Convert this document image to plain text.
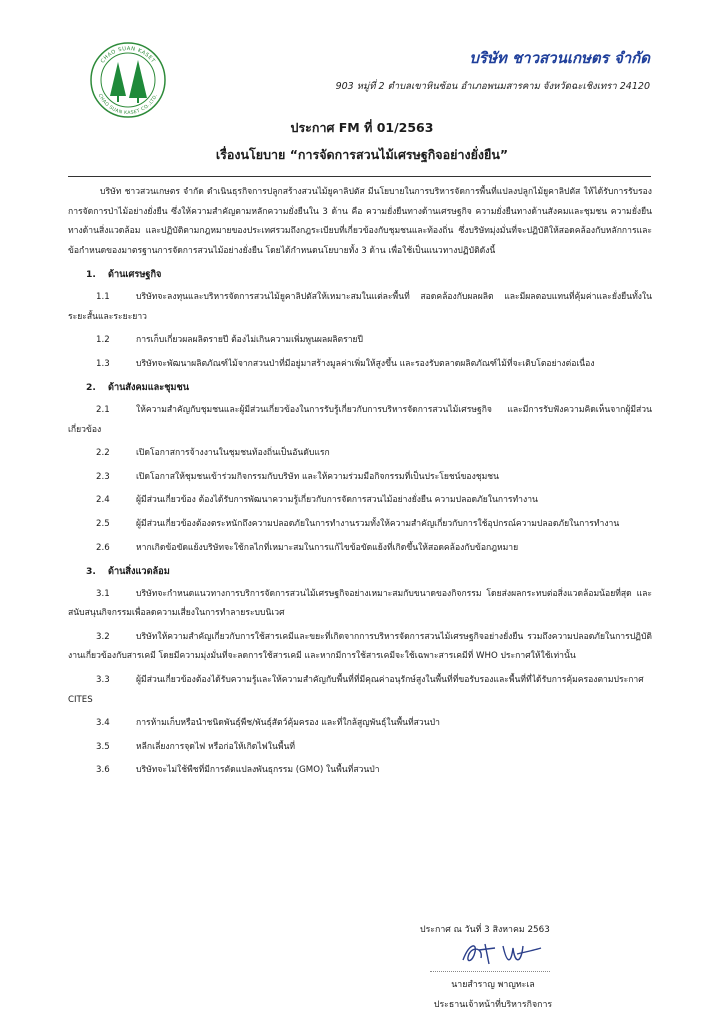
CHAO SUAN KASET
CHAO SUAN KASET CO.,LTD.
บริษัท ชาวสวนเกษตร จำกัด
903 หมู่ที่ 2 ตำบลเขาหินซ้อน อำเภอพนมสารคาม จังหวัดฉะเชิงเทรา 24120
ประกาศ FM ที่ 01/2563
เรื่องนโยบาย “การจัดการสวนไม้เศรษฐกิจอย่างยั่งยืน”

บริษัท ชาวสวนเกษตร จำกัด ดำเนินธุรกิจการปลูกสร้างสวนไม้ยูคาลิปตัส มีนโยบายในการบริหารจัดการพื้นที่แปลงปลูกไม้ยูคาลิปตัส ให้ได้รับการรับรองการจัดการป่าไม้อย่างยั่งยืน ซึ่งให้ความสำคัญตามหลักความยั่งยืนใน 3 ด้าน คือ ความยั่งยืนทางด้านเศรษฐกิจ ความยั่งยืนทางด้านสังคมและชุมชน ความยั่งยืนทางด้านสิ่งแวดล้อม และปฏิบัติตามกฎหมายของประเทศรวมถึงกฎระเบียบที่เกี่ยวข้องกับชุมชนและท้องถิ่น ซึ่งบริษัทมุ่งมั่นที่จะปฏิบัติให้สอดคล้องกับหลักการและข้อกำหนดของมาตรฐานการจัดการสวนไม้อย่างยั่งยืน โดยได้กำหนดนโยบายทั้ง 3 ด้าน เพื่อใช้เป็นแนวทางปฏิบัติดังนี้

1. ด้านเศรษฐกิจ
1.1	บริษัทจะลงทุนและบริหารจัดการสวนไม้ยูคาลิปตัสให้เหมาะสมในแต่ละพื้นที่ สอดคล้องกับผลผลิต และมีผลตอบแทนที่คุ้มค่าและยั่งยืนทั้งในระยะสั้นและระยะยาว
1.2	การเก็บเกี่ยวผลผลิตรายปี ต้องไม่เกินความเพิ่มพูนผลผลิตรายปี
1.3	บริษัทจะพัฒนาผลิตภัณฑ์ไม้จากสวนป่าที่มีอยู่มาสร้างมูลค่าเพิ่มให้สูงขึ้น และรองรับตลาดผลิตภัณฑ์ไม้ที่จะเติบโตอย่างต่อเนื่อง
2. ด้านสังคมและชุมชน
2.1	ให้ความสำคัญกับชุมชนและผู้มีส่วนเกี่ยวข้องในการรับรู้เกี่ยวกับการบริหารจัดการสวนไม้เศรษฐกิจ และมีการรับฟังความคิดเห็นจากผู้มีส่วนเกี่ยวข้อง
2.2	เปิดโอกาสการจ้างงานในชุมชนท้องถิ่นเป็นอันดับแรก
2.3	เปิดโอกาสให้ชุมชนเข้าร่วมกิจกรรมกับบริษัท และให้ความร่วมมือกิจกรรมที่เป็นประโยชน์ของชุมชน
2.4	ผู้มีส่วนเกี่ยวข้อง ต้องได้รับการพัฒนาความรู้เกี่ยวกับการจัดการสวนไม้อย่างยั่งยืน ความปลอดภัยในการทำงาน
2.5	ผู้มีส่วนเกี่ยวข้องต้องตระหนักถึงความปลอดภัยในการทำงานรวมทั้งให้ความสำคัญเกี่ยวกับการใช้อุปกรณ์ความปลอดภัยในการทำงาน
2.6	หากเกิดข้อขัดแย้งบริษัทจะใช้กลไกที่เหมาะสมในการแก้ไขข้อขัดแย้งที่เกิดขึ้นให้สอดคล้องกับข้อกฎหมาย
3. ด้านสิ่งแวดล้อม
3.1	บริษัทจะกำหนดแนวทางการบริการจัดการสวนไม้เศรษฐกิจอย่างเหมาะสมกับขนาดของกิจกรรม โดยส่งผลกระทบต่อสิ่งแวดล้อมน้อยที่สุด และสนับสนุนกิจกรรมเพื่อลดความเสี่ยงในการทำลายระบบนิเวศ
3.2	บริษัทให้ความสำคัญเกี่ยวกับการใช้สารเคมีและขยะที่เกิดจากการบริหารจัดการสวนไม้เศรษฐกิจอย่างยั่งยืน รวมถึงความปลอดภัยในการปฏิบัติงานเกี่ยวข้องกับสารเคมี โดยมีความมุ่งมั่นที่จะลดการใช้สารเคมี และหากมีการใช้สารเคมีจะใช้เฉพาะสารเคมีที่ WHO ประกาศให้ใช้เท่านั้น
3.3	ผู้มีส่วนเกี่ยวข้องต้องได้รับความรู้และให้ความสำคัญกับพื้นที่ที่มีคุณค่าอนุรักษ์สูงในพื้นที่ที่ขอรับรองและพื้นที่ที่ได้รับการคุ้มครองตามประกาศ CITES
3.4	การห้ามเก็บหรือนำชนิดพันธุ์พืช/พันธุ์สัตว์คุ้มครอง และที่ใกล้สูญพันธุ์ในพื้นที่สวนป่า
3.5	หลีกเลี่ยงการจุดไฟ หรือก่อให้เกิดไฟในพื้นที่
3.6	บริษัทจะไม่ใช้พืชที่มีการตัดแปลงพันธุกรรม (GMO) ในพื้นที่สวนป่า
ประกาศ ณ วันที่ 3 สิงหาคม 2563
นายสำราญ พาญทะเล
ประธานเจ้าหน้าที่บริหารกิจการ
